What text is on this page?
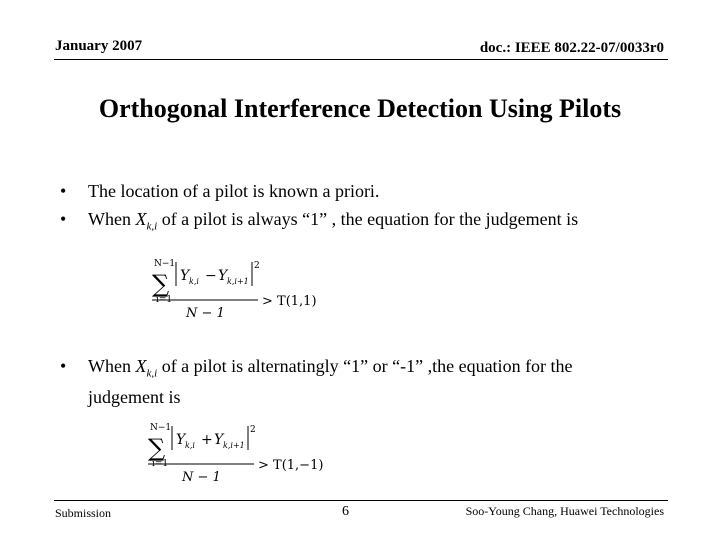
January 2007	doc.: IEEE 802.22-07/0033r0
Orthogonal Interference Detection Using Pilots
• The location of a pilot is known a priori.
• When $X_{k,i}$ of a pilot is always “1” , the equation for the judgement is
N−1
∑
i=1
Y k,i − Y k,i+1
2
N − 1
> T(1,1)
• When $X_{k,i}$ of a pilot is alternatingly “1” or “-1” ,the equation for the
judgement is
N−1
∑
i=1
Y k,i + Y k,i+1
2
N − 1
> T(1,−1)
Submission	6	Soo-Young Chang, Huawei Technologies
